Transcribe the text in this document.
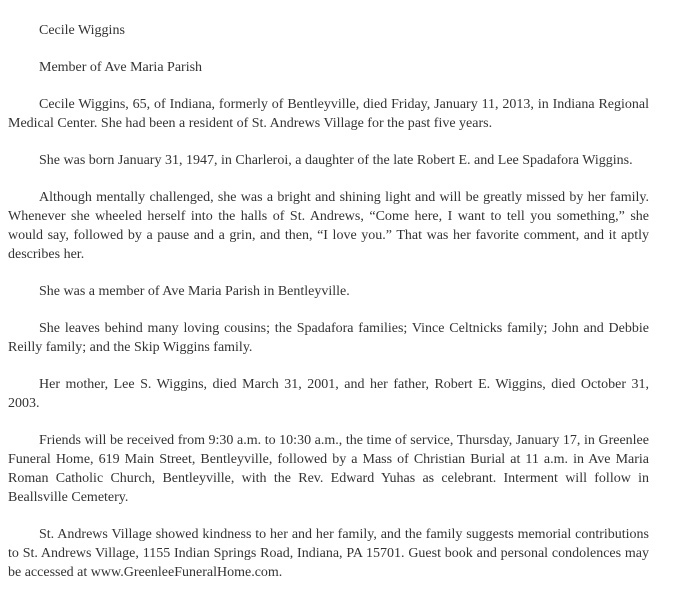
Cecile Wiggins

Member of Ave Maria Parish

Cecile Wiggins, 65, of Indiana, formerly of Bentleyville, died Friday, January 11, 2013, in Indiana Regional Medical Center. She had been a resident of St. Andrews Village for the past five years.

She was born January 31, 1947, in Charleroi, a daughter of the late Robert E. and Lee Spadafora Wiggins.

Although mentally challenged, she was a bright and shining light and will be greatly missed by her family. Whenever she wheeled herself into the halls of St. Andrews, “Come here, I want to tell you something,” she would say, followed by a pause and a grin, and then, “I love you.” That was her favorite comment, and it aptly describes her.

She was a member of Ave Maria Parish in Bentleyville.

She leaves behind many loving cousins; the Spadafora families; Vince Celtnicks family; John and Debbie Reilly family; and the Skip Wiggins family.

Her mother, Lee S. Wiggins, died March 31, 2001, and her father, Robert E. Wiggins, died October 31, 2003.

Friends will be received from 9:30 a.m. to 10:30 a.m., the time of service, Thursday, January 17, in Greenlee Funeral Home, 619 Main Street, Bentleyville, followed by a Mass of Christian Burial at 11 a.m. in Ave Maria Roman Catholic Church, Bentleyville, with the Rev. Edward Yuhas as celebrant. Interment will follow in Beallsville Cemetery.

St. Andrews Village showed kindness to her and her family, and the family suggests memorial contributions to St. Andrews Village, 1155 Indian Springs Road, Indiana, PA 15701. Guest book and personal condolences may be accessed at www.GreenleeFuneralHome.com.
